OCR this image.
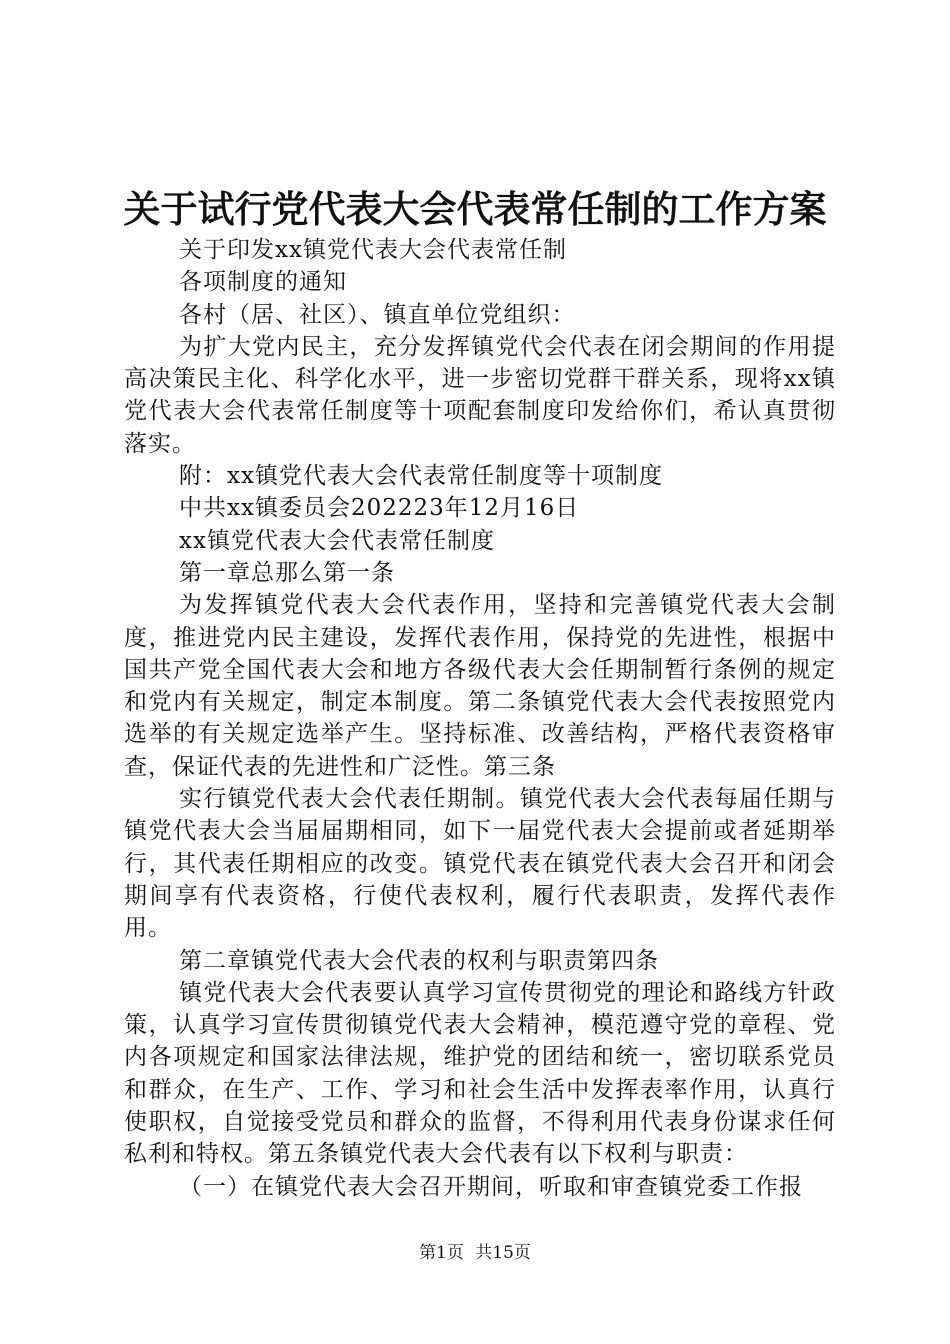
关于试行党代表大会代表常任制的工作方案

关于印发xx镇党代表大会代表常任制

各项制度的通知

各村（居、社区）、镇直单位党组织：

为扩大党内民主，充分发挥镇党代会代表在闭会期间的作用提高决策民主化、科学化水平，进一步密切党群干群关系，现将xx镇党代表大会代表常任制度等十项配套制度印发给你们，希认真贯彻落实。

附：xx镇党代表大会代表常任制度等十项制度

中共xx镇委员会202223年12月16日

xx镇党代表大会代表常任制度

第一章总那么第一条

为发挥镇党代表大会代表作用，坚持和完善镇党代表大会制度，推进党内民主建设，发挥代表作用，保持党的先进性，根据中国共产党全国代表大会和地方各级代表大会任期制暂行条例的规定和党内有关规定，制定本制度。第二条镇党代表大会代表按照党内选举的有关规定选举产生。坚持标准、改善结构，严格代表资格审查，保证代表的先进性和广泛性。第三条

实行镇党代表大会代表任期制。镇党代表大会代表每届任期与镇党代表大会当届届期相同，如下一届党代表大会提前或者延期举行，其代表任期相应的改变。镇党代表在镇党代表大会召开和闭会期间享有代表资格，行使代表权利，履行代表职责，发挥代表作用。

第二章镇党代表大会代表的权利与职责第四条

镇党代表大会代表要认真学习宣传贯彻党的理论和路线方针政策，认真学习宣传贯彻镇党代表大会精神，模范遵守党的章程、党内各项规定和国家法律法规，维护党的团结和统一，密切联系党员和群众，在生产、工作、学习和社会生活中发挥表率作用，认真行使职权，自觉接受党员和群众的监督，不得利用代表身份谋求任何私利和特权。第五条镇党代表大会代表有以下权利与职责：

（一）在镇党代表大会召开期间，听取和审查镇党委工作报

第1页 共15页
